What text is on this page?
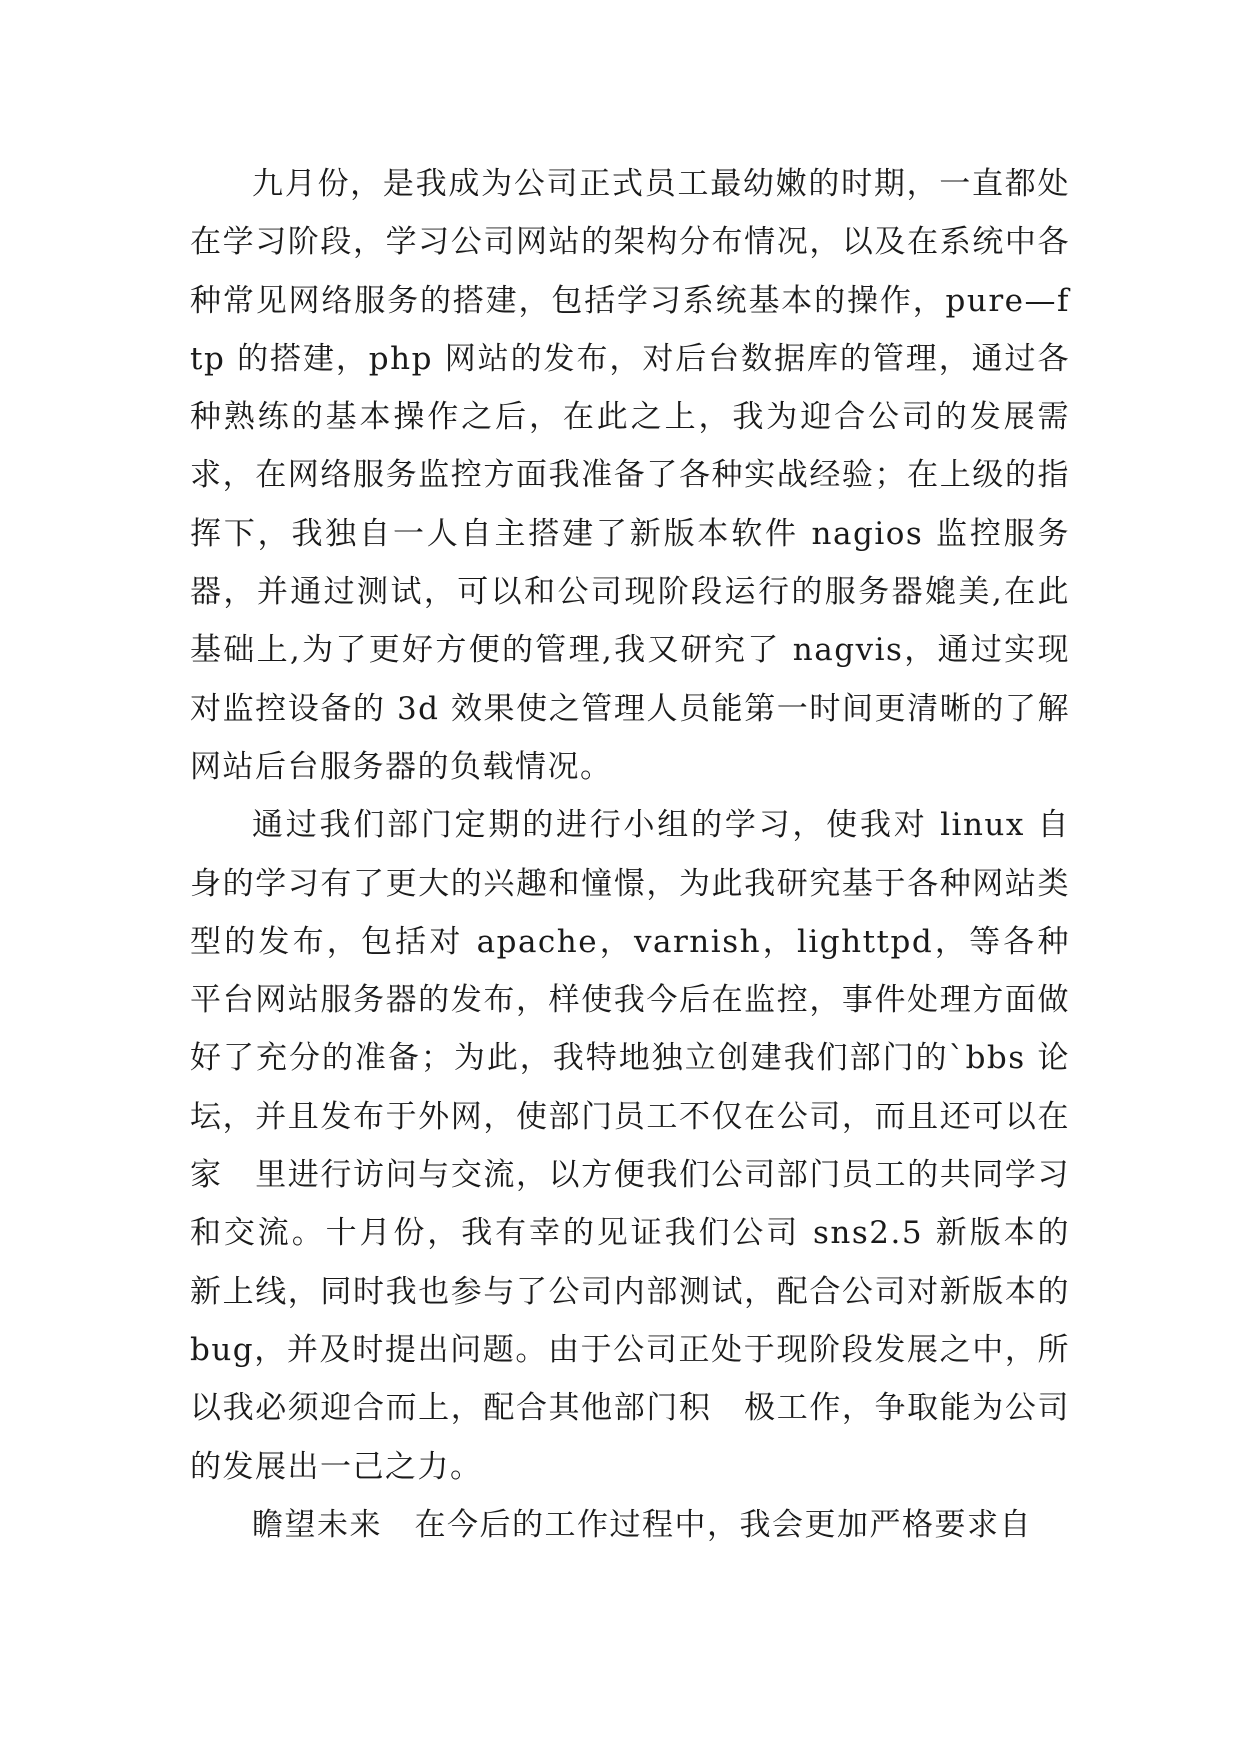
九月份，是我成为公司正式员工最幼嫩的时期，一直都处在学习阶段，学习公司网站的架构分布情况，以及在系统中各种常见网络服务的搭建，包括学习系统基本的操作，pure—ftp 的搭建，php 网站的发布，对后台数据库的管理，通过各种熟练的基本操作之后，在此之上，我为迎合公司的发展需求，在网络服务监控方面我准备了各种实战经验；在上级的指挥下，我独自一人自主搭建了新版本软件 nagios 监控服务器，并通过测试，可以和公司现阶段运行的服务器媲美,在此基础上,为了更好方便的管理,我又研究了 nagvis，通过实现对监控设备的 3d 效果使之管理人员能第一时间更清晰的了解网站后台服务器的负载情况。

通过我们部门定期的进行小组的学习，使我对 linux 自身的学习有了更大的兴趣和憧憬，为此我研究基于各种网站类型的发布，包括对 apache，varnish，lighttpd，等各种平台网站服务器的发布，样使我今后在监控，事件处理方面做好了充分的准备；为此，我特地独立创建我们部门的`bbs 论坛，并且发布于外网，使部门员工不仅在公司，而且还可以在家　里进行访问与交流，以方便我们公司部门员工的共同学习和交流。十月份，我有幸的见证我们公司 sns2.5 新版本的新上线，同时我也参与了公司内部测试，配合公司对新版本的 bug，并及时提出问题。由于公司正处于现阶段发展之中，所以我必须迎合而上，配合其他部门积　极工作，争取能为公司的发展出一己之力。

瞻望未来　在今后的工作过程中，我会更加严格要求自
